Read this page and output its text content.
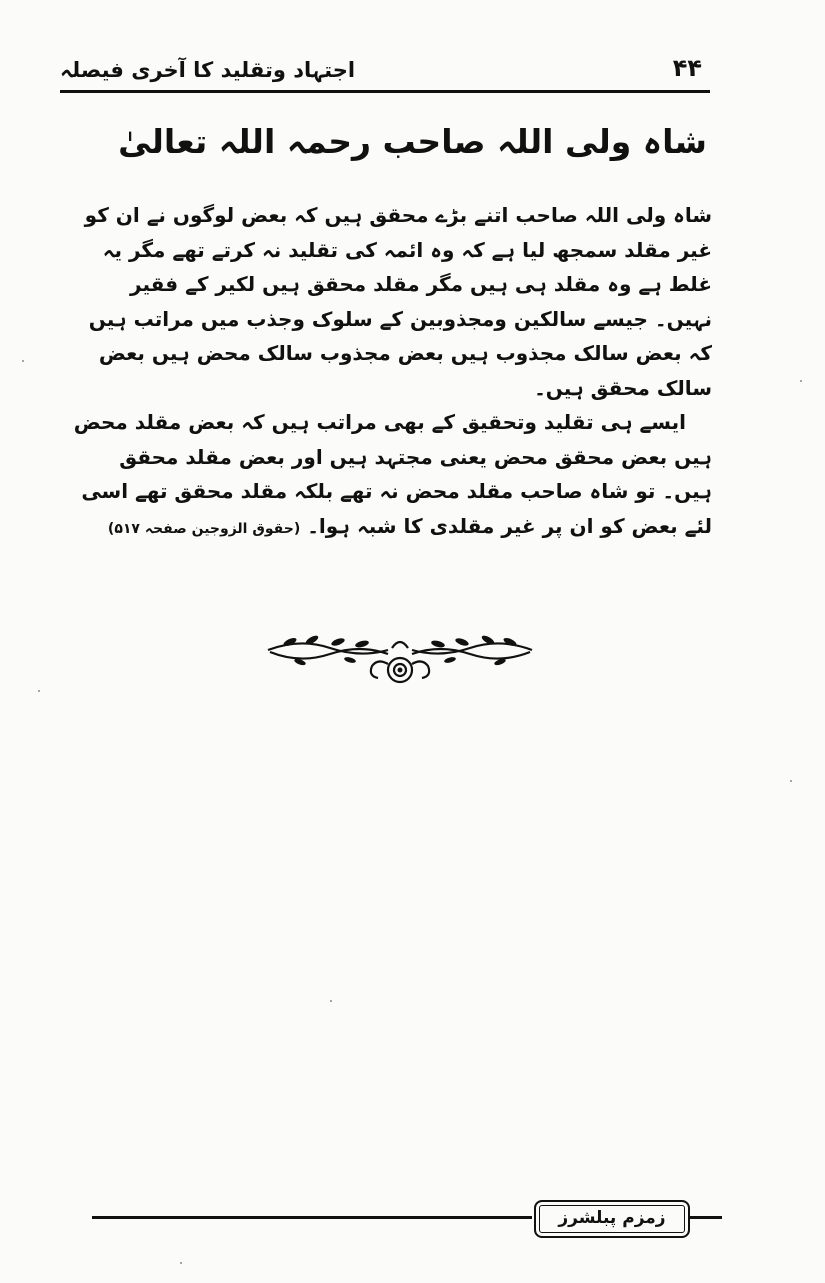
اجتہاد وتقلید کا آخری فیصلہ	۴۴
شاہ ولی اللہ صاحب رحمہ اللہ تعالیٰ

شاہ ولی اللہ صاحب اتنے بڑے محقق ہیں کہ بعض لوگوں نے ان کو غیر مقلد سمجھ لیا ہے کہ وہ ائمہ کی تقلید نہ کرتے تھے مگر یہ غلط ہے وہ مقلد ہی ہیں مگر مقلد محقق ہیں لکیر کے فقیر نہیں۔ جیسے سالکین ومجذوبین کے سلوک وجذب میں مراتب ہیں کہ بعض سالک مجذوب ہیں بعض مجذوب سالک محض ہیں بعض سالک محقق ہیں۔

ایسے ہی تقلید وتحقیق کے بھی مراتب ہیں کہ بعض مقلد محض ہیں بعض محقق محض یعنی مجتہد ہیں اور بعض مقلد محقق ہیں۔ تو شاہ صاحب مقلد محض نہ تھے بلکہ مقلد محقق تھے اسی لئے بعض کو ان پر غیر مقلدی کا شبہ ہوا۔ (حقوق الزوجین صفحہ ۵۱۷)

زمزم پبلشرز
